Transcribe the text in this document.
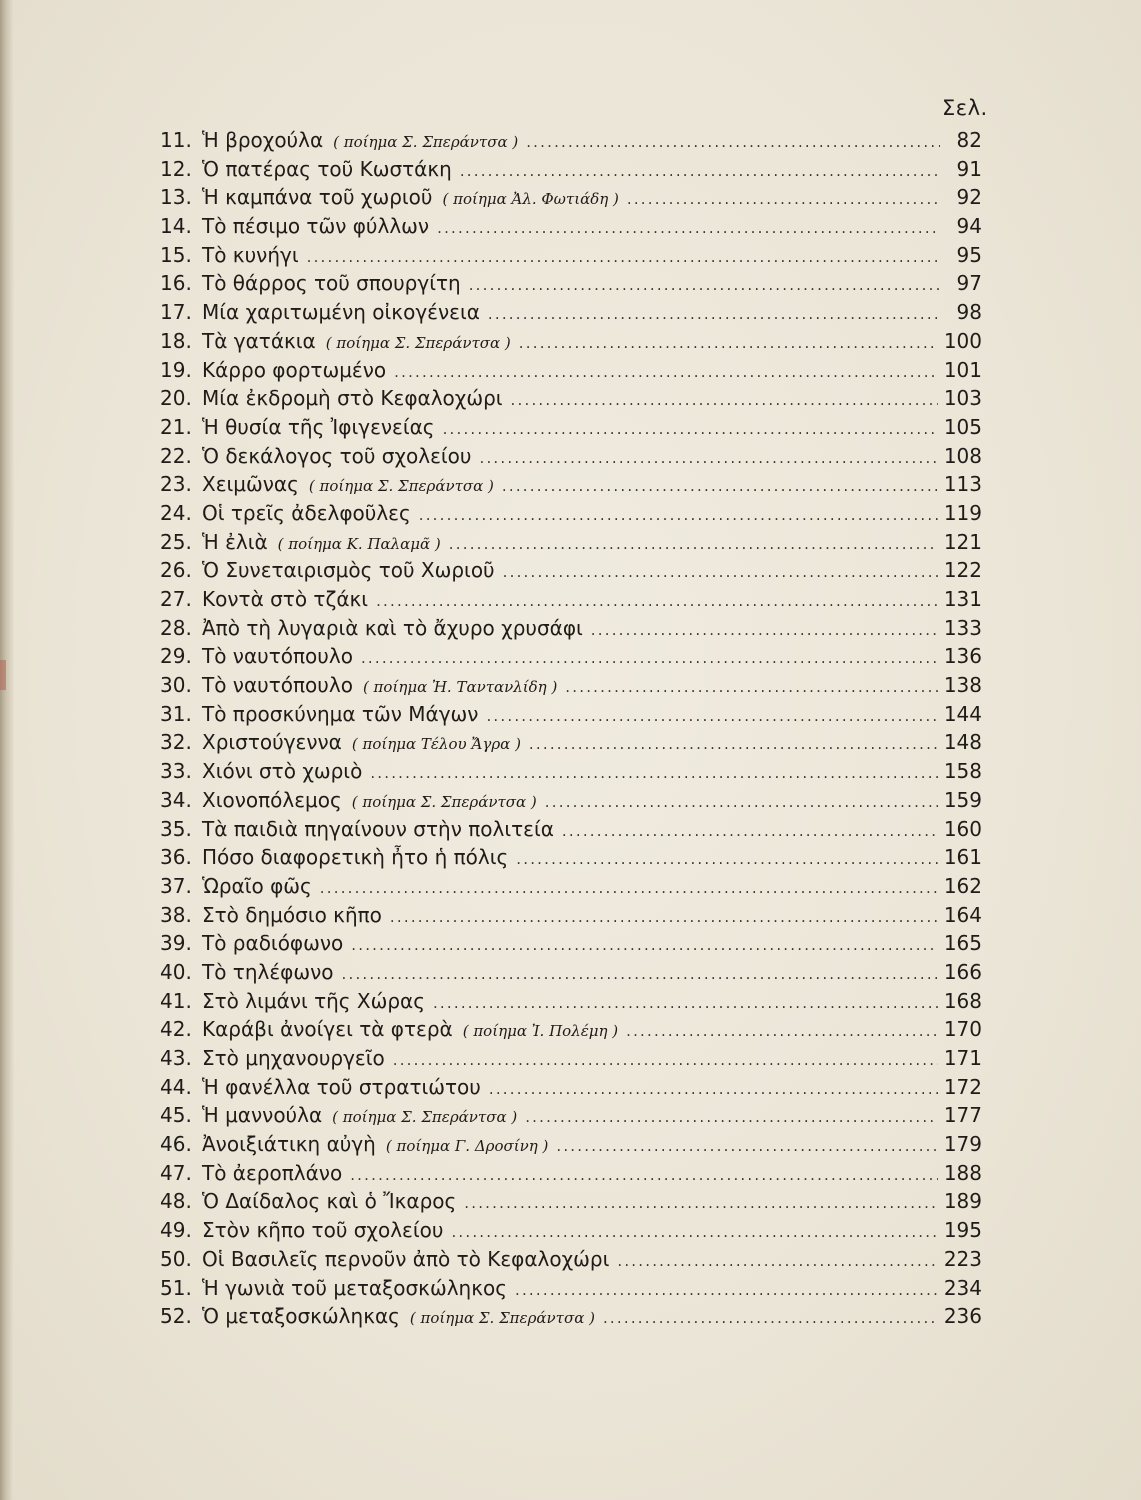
Σελ.
11. Ἡ βροχούλα ( ποίημα Σ. Σπεράντσα ) .....	82
12. Ὁ πατέρας τοῦ Κωστάκη .....	91
13. Ἡ καμπάνα τοῦ χωριοῦ ( ποίημα Ἀλ. Φωτιάδη ) .....	92
14. Τὸ πέσιμο τῶν φύλλων .....	94
15. Τὸ κυνήγι .....	95
16. Τὸ θάρρος τοῦ σπουργίτη .....	97
17. Μία χαριτωμένη οἰκογένεια .....	98
18. Τὰ γατάκια ( ποίημα Σ. Σπεράντσα ) .....	100
19. Κάρρο φορτωμένο .....	101
20. Μία ἐκδρομὴ στὸ Κεφαλοχώρι .....	103
21. Ἡ θυσία τῆς Ἰφιγενείας .....	105
22. Ὁ δεκάλογος τοῦ σχολείου .....	108
23. Χειμῶνας ( ποίημα Σ. Σπεράντσα ) .....	113
24. Οἱ τρεῖς ἀδελφοῦλες .....	119
25. Ἡ ἐλιὰ ( ποίημα Κ. Παλαμᾶ ) .....	121
26. Ὁ Συνεταιρισμὸς τοῦ Χωριοῦ .....	122
27. Κοντὰ στὸ τζάκι .....	131
28. Ἀπὸ τὴ λυγαριὰ καὶ τὸ ἄχυρο χρυσάφι .....	133
29. Τὸ ναυτόπουλο .....	136
30. Τὸ ναυτόπουλο ( ποίημα Ἠ. Ταντανλίδη ) .....	138
31. Τὸ προσκύνημα τῶν Μάγων .....	144
32. Χριστούγεννα ( ποίημα Τέλου Ἄγρα ) .....	148
33. Χιόνι στὸ χωριὸ .....	158
34. Χιονοπόλεμος ( ποίημα Σ. Σπεράντσα ) .....	159
35. Τὰ παιδιὰ πηγαίνουν στὴν πολιτεία .....	160
36. Πόσο διαφορετικὴ ἦτο ἡ πόλις .....	161
37. Ὡραῖο φῶς .....	162
38. Στὸ δημόσιο κῆπο .....	164
39. Τὸ ραδιόφωνο .....	165
40. Τὸ τηλέφωνο .....	166
41. Στὸ λιμάνι τῆς Χώρας .....	168
42. Καράβι ἀνοίγει τὰ φτερὰ ( ποίημα Ἰ. Πολέμη ) .....	170
43. Στὸ μηχανουργεῖο .....	171
44. Ἡ φανέλλα τοῦ στρατιώτου .....	172
45. Ἡ μαννούλα ( ποίημα Σ. Σπεράντσα ) .....	177
46. Ἀνοιξιάτικη αὐγὴ ( ποίημα Γ. Δροσίνη ) .....	179
47. Τὸ ἀεροπλάνο .....	188
48. Ὁ Δαίδαλος καὶ ὁ Ἴκαρος .....	189
49. Στὸν κῆπο τοῦ σχολείου .....	195
50. Οἱ Βασιλεῖς περνοῦν ἀπὸ τὸ Κεφαλοχώρι .....	223
51. Ἡ γωνιὰ τοῦ μεταξοσκώληκος .....	234
52. Ὁ μεταξοσκώληκας ( ποίημα Σ. Σπεράντσα ) .....	236
